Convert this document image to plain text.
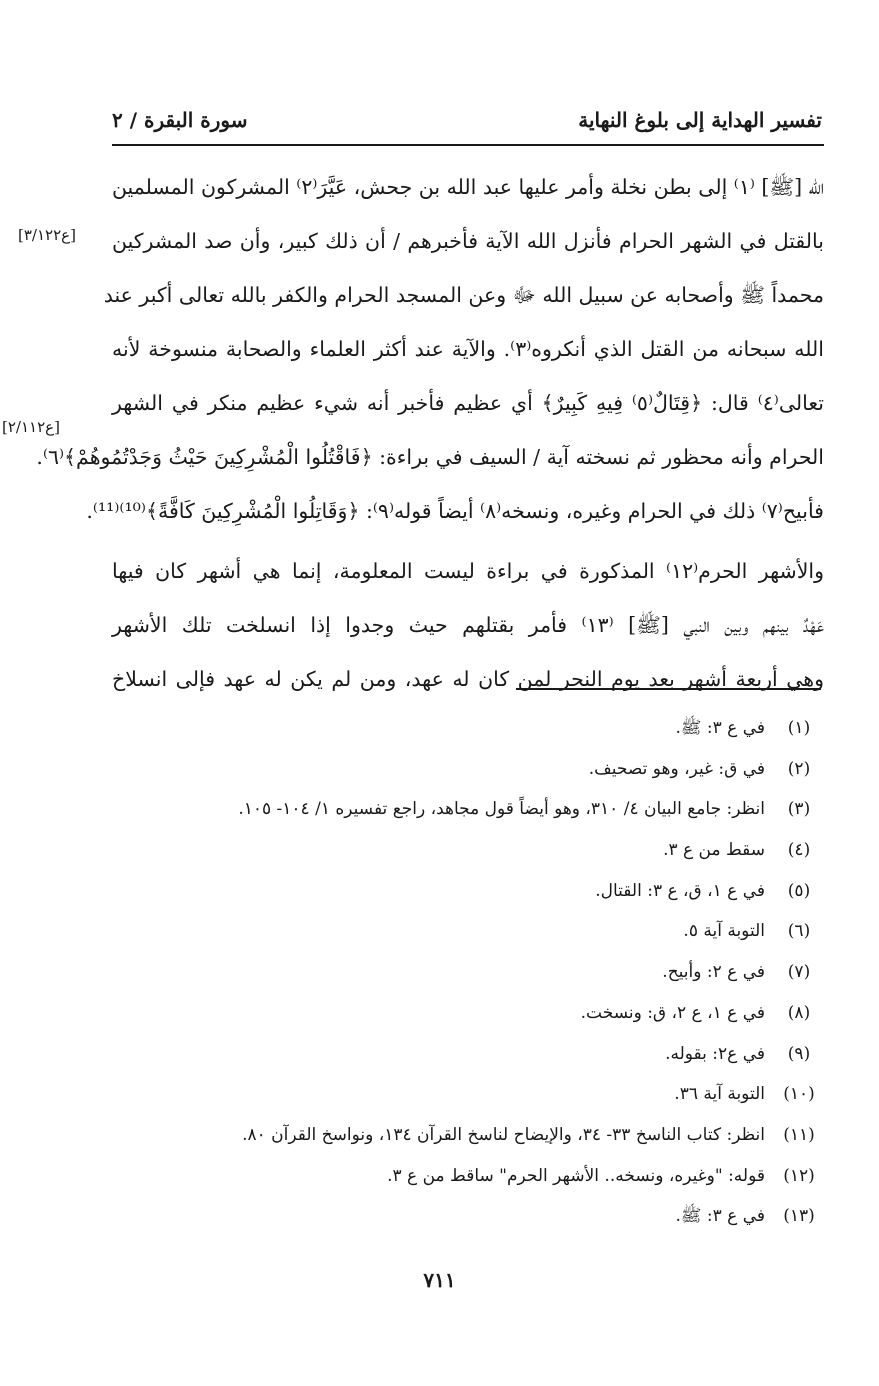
تفسير الهداية إلى بلوغ النهاية
سورة البقرة / ٢
الله [ﷺ] ⁽١⁾ إلى بطن نخلة وأمر عليها عبد الله بن جحش، عَيَّرَ⁽٢⁾ المشركون المسلمين
بالقتل في الشهر الحرام فأنزل الله الآية فأخبرهم / أن ذلك كبير، وأن صد المشركين
محمداً ﷺ وأصحابه عن سبيل الله ﷻ وعن المسجد الحرام والكفر بالله تعالى أكبر عند
الله سبحانه من القتل الذي أنكروه⁽٣⁾. والآية عند أكثر العلماء والصحابة منسوخة لأنه
تعالى⁽٤⁾ قال: ﴿قِتَالٌ⁽٥⁾ فِيهِ كَبِيرٌ﴾ أي عظيم فأخبر أنه شيء عظيم منكر في الشهر
الحرام وأنه محظور ثم نسخته آية / السيف في براءة: ﴿فَاقْتُلُوا الْمُشْرِكِينَ حَيْثُ وَجَدْتُمُوهُمْ﴾⁽٦⁾.
فأبيح⁽٧⁾ ذلك في الحرام وغيره، ونسخه⁽٨⁾ أيضاً قوله⁽٩⁾: ﴿وَقَاتِلُوا الْمُشْرِكِينَ كَافَّةً﴾⁽¹⁰⁾⁽¹¹⁾.
والأشهر الحرم⁽١٢⁾ المذكورة في براءة ليست المعلومة، إنما هي أشهر كان فيها
عَهْدٌ بينهم وبين النبي [ﷺ] ⁽١٣⁾ فأمر بقتلهم حيث وجدوا إذا انسلخت تلك الأشهر
وهي أربعة أشهر بعد يوم النحر لمن كان له عهد، ومن لم يكن له عهد فإلى انسلاخ
[ع٣/١٢٢]
[ع٢/١١٢]
(١)
في ع ٣: ﷺ.
(٢)
في ق: غير، وهو تصحيف.
(٣)
انظر: جامع البيان ٤/ ٣١٠، وهو أيضاً قول مجاهد، راجع تفسيره ١/ ١٠٤- ١٠٥.
(٤)
سقط من ع ٣.
(٥)
في ع ١، ق، ع ٣: القتال.
(٦)
التوبة آية ٥.
(٧)
في ع ٢: وأبيح.
(٨)
في ع ١، ع ٢، ق: ونسخت.
(٩)
في ع٢: بقوله.
(١٠)
التوبة آية ٣٦.
(١١)
انظر: كتاب الناسخ ٣٣- ٣٤، والإيضاح لناسخ القرآن ١٣٤، ونواسخ القرآن ٨٠.
(١٢)
قوله: "وغيره، ونسخه.. الأشهر الحرم" ساقط من ع ٣.
(١٣)
في ع ٣: ﷺ.
٧١١
